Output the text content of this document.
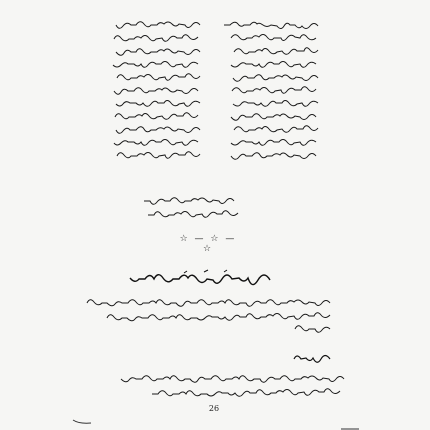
☆ — ☆ — ☆
26
